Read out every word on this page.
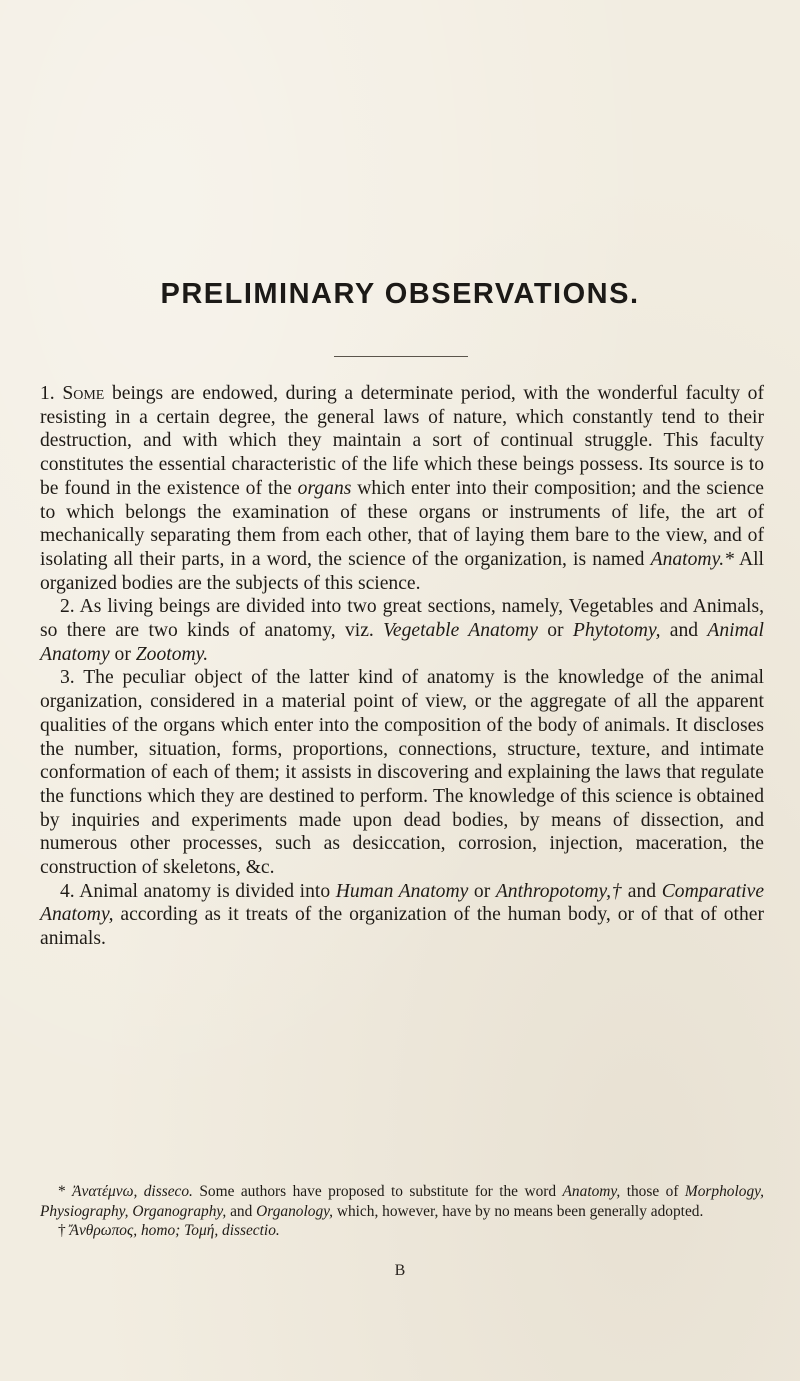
PRELIMINARY OBSERVATIONS.

1. Some beings are endowed, during a determinate period, with the wonderful faculty of resisting in a certain degree, the general laws of nature, which constantly tend to their destruction, and with which they maintain a sort of continual struggle. This faculty constitutes the essential characteristic of the life which these beings possess. Its source is to be found in the existence of the organs which enter into their composition; and the science to which belongs the examination of these organs or instruments of life, the art of mechanically separating them from each other, that of laying them bare to the view, and of isolating all their parts, in a word, the science of the organization, is named Anatomy.* All organized bodies are the subjects of this science.

2. As living beings are divided into two great sections, namely, Vegetables and Animals, so there are two kinds of anatomy, viz. Vegetable Anatomy or Phytotomy, and Animal Anatomy or Zootomy.

3. The peculiar object of the latter kind of anatomy is the knowledge of the animal organization, considered in a material point of view, or the aggregate of all the apparent qualities of the organs which enter into the composition of the body of animals. It discloses the number, situation, forms, proportions, connections, structure, texture, and intimate conformation of each of them; it assists in discovering and explaining the laws that regulate the functions which they are destined to perform. The knowledge of this science is obtained by inquiries and experiments made upon dead bodies, by means of dissection, and numerous other processes, such as desiccation, corrosion, injection, maceration, the construction of skeletons, &c.

4. Animal anatomy is divided into Human Anatomy or Anthropotomy,† and Comparative Anatomy, according as it treats of the organization of the human body, or of that of other animals.

* Ἀνατέμνω, disseco. Some authors have proposed to substitute for the word Anatomy, those of Morphology, Physiography, Organography, and Organology, which, however, have by no means been generally adopted.

† Ἄνθρωπος, homo; Τομή, dissectio.

B
